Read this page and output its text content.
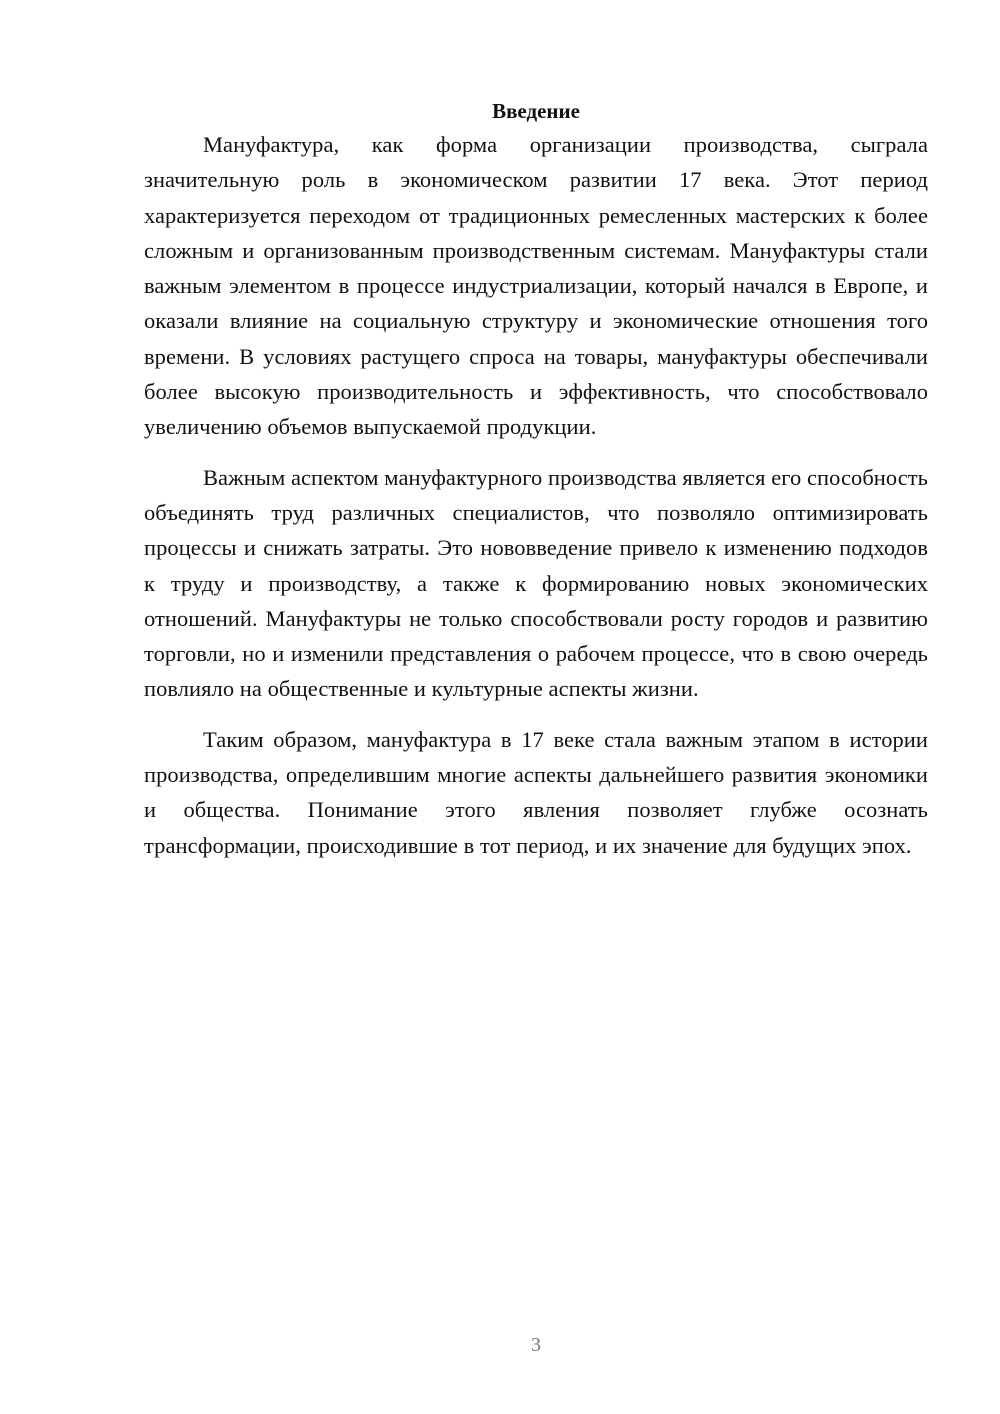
Введение

Мануфактура, как форма организации производства, сыграла значительную роль в экономическом развитии 17 века. Этот период характеризуется переходом от традиционных ремесленных мастерских к более сложным и организованным производственным системам. Мануфактуры стали важным элементом в процессе индустриализации, который начался в Европе, и оказали влияние на социальную структуру и экономические отношения того времени. В условиях растущего спроса на товары, мануфактуры обеспечивали более высокую производительность и эффективность, что способствовало увеличению объемов выпускаемой продукции.

Важным аспектом мануфактурного производства является его способность объединять труд различных специалистов, что позволяло оптимизировать процессы и снижать затраты. Это нововведение привело к изменению подходов к труду и производству, а также к формированию новых экономических отношений. Мануфактуры не только способствовали росту городов и развитию торговли, но и изменили представления о рабочем процессе, что в свою очередь повлияло на общественные и культурные аспекты жизни.

Таким образом, мануфактура в 17 веке стала важным этапом в истории производства, определившим многие аспекты дальнейшего развития экономики и общества. Понимание этого явления позволяет глубже осознать трансформации, происходившие в тот период, и их значение для будущих эпох.

3
